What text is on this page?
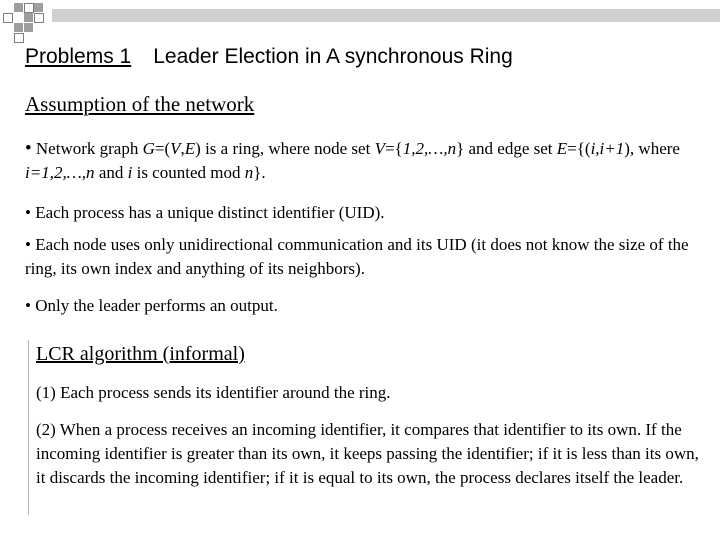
Problems 1 Leader Election in A synchronous Ring
Assumption of the network
• Network graph G=(V,E) is a ring, where node set V={1,2,…,n} and edge set E={(i,i+1), where i=1,2,…,n and i is counted mod n}.
• Each process has a unique distinct identifier (UID).
• Each node uses only unidirectional communication and its UID (it does not know the size of the ring, its own index and anything of its neighbors).
• Only the leader performs an output.
LCR algorithm (informal)
(1) Each process sends its identifier around the ring.
(2) When a process receives an incoming identifier, it compares that identifier to its own. If the incoming identifier is greater than its own, it keeps passing the identifier; if it is less than its own, it discards the incoming identifier; if it is equal to its own, the process declares itself the leader.
